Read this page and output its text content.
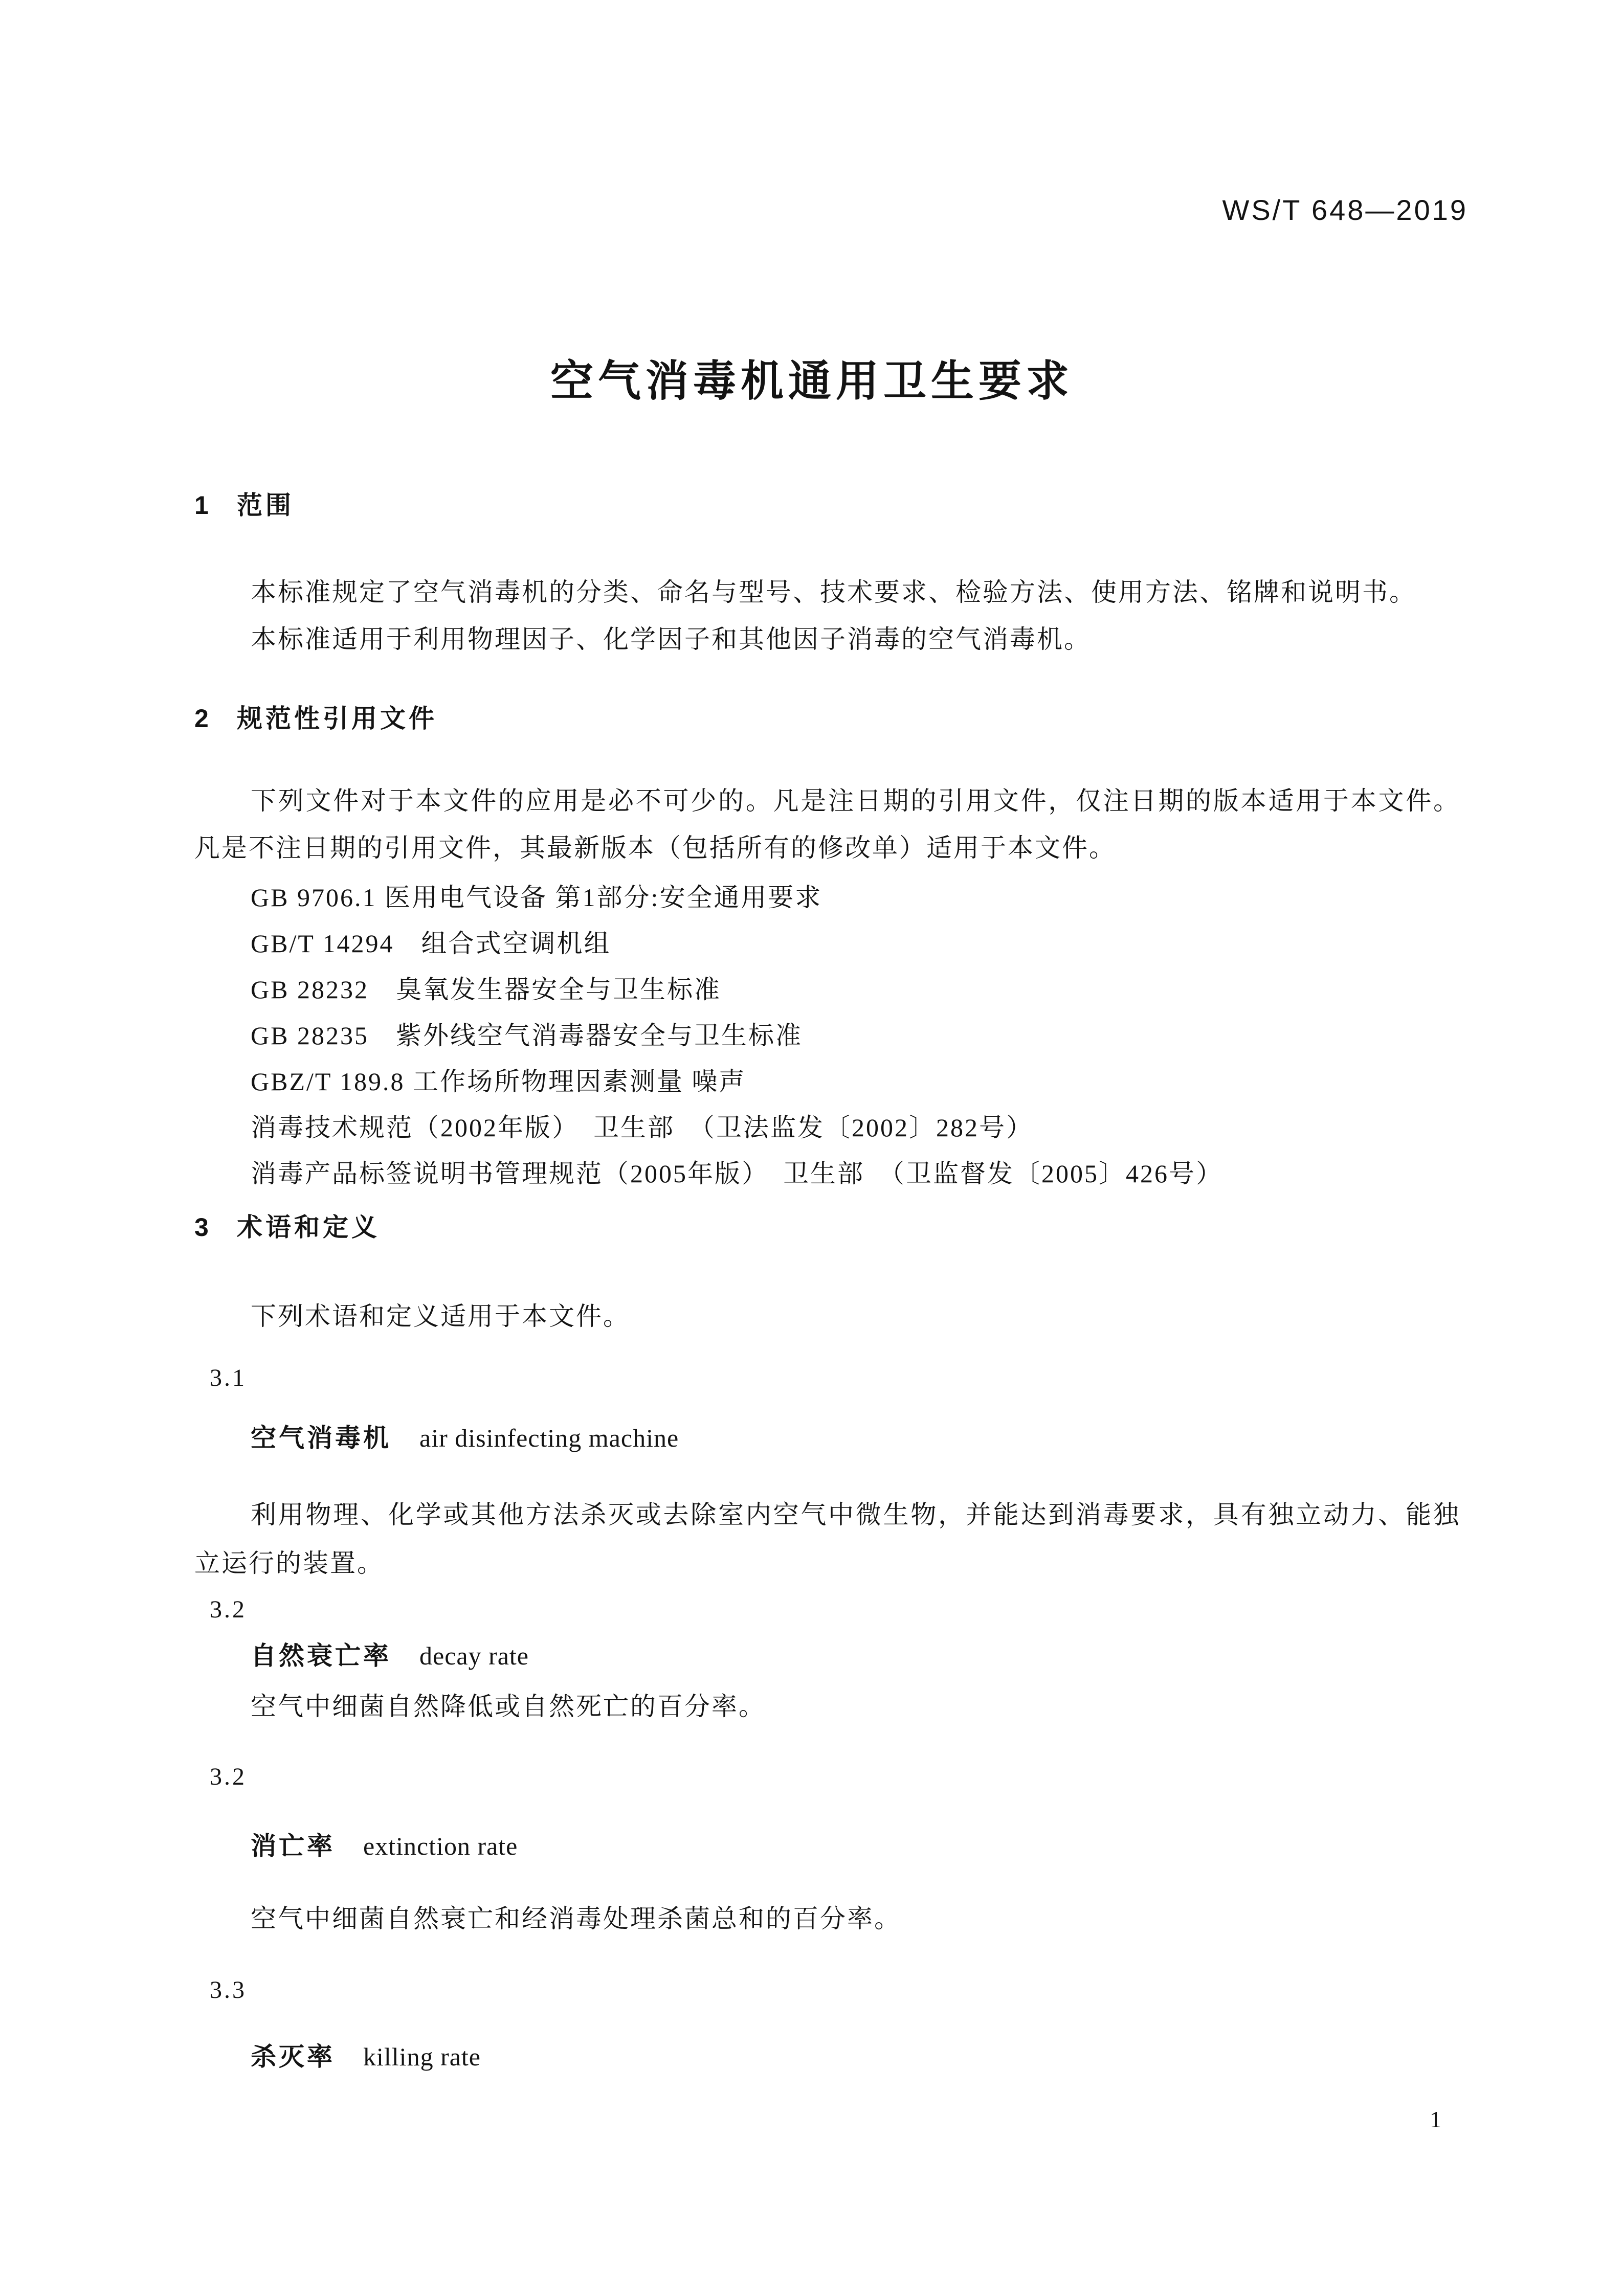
WS/T 648—2019
空气消毒机通用卫生要求
1 范围

本标准规定了空气消毒机的分类、命名与型号、技术要求、检验方法、使用方法、铭牌和说明书。

本标准适用于利用物理因子、化学因子和其他因子消毒的空气消毒机。

2 规范性引用文件

下列文件对于本文件的应用是必不可少的。凡是注日期的引用文件，仅注日期的版本适用于本文件。凡是不注日期的引用文件，其最新版本（包括所有的修改单）适用于本文件。

GB 9706.1 医用电气设备 第1部分:安全通用要求
GB/T 14294　组合式空调机组
GB 28232　臭氧发生器安全与卫生标准
GB 28235　紫外线空气消毒器安全与卫生标准
GBZ/T 189.8 工作场所物理因素测量 噪声
消毒技术规范（2002年版）　卫生部　（卫法监发〔2002〕282号）
消毒产品标签说明书管理规范（2005年版）　卫生部　（卫监督发〔2005〕426号）
3 术语和定义

下列术语和定义适用于本文件。

3.1
空气消毒机 air disinfecting machine

利用物理、化学或其他方法杀灭或去除室内空气中微生物，并能达到消毒要求，具有独立动力、能独立运行的装置。

3.2
自然衰亡率 decay rate

空气中细菌自然降低或自然死亡的百分率。

3.2
消亡率 extinction rate

空气中细菌自然衰亡和经消毒处理杀菌总和的百分率。

3.3
杀灭率 killing rate
1
